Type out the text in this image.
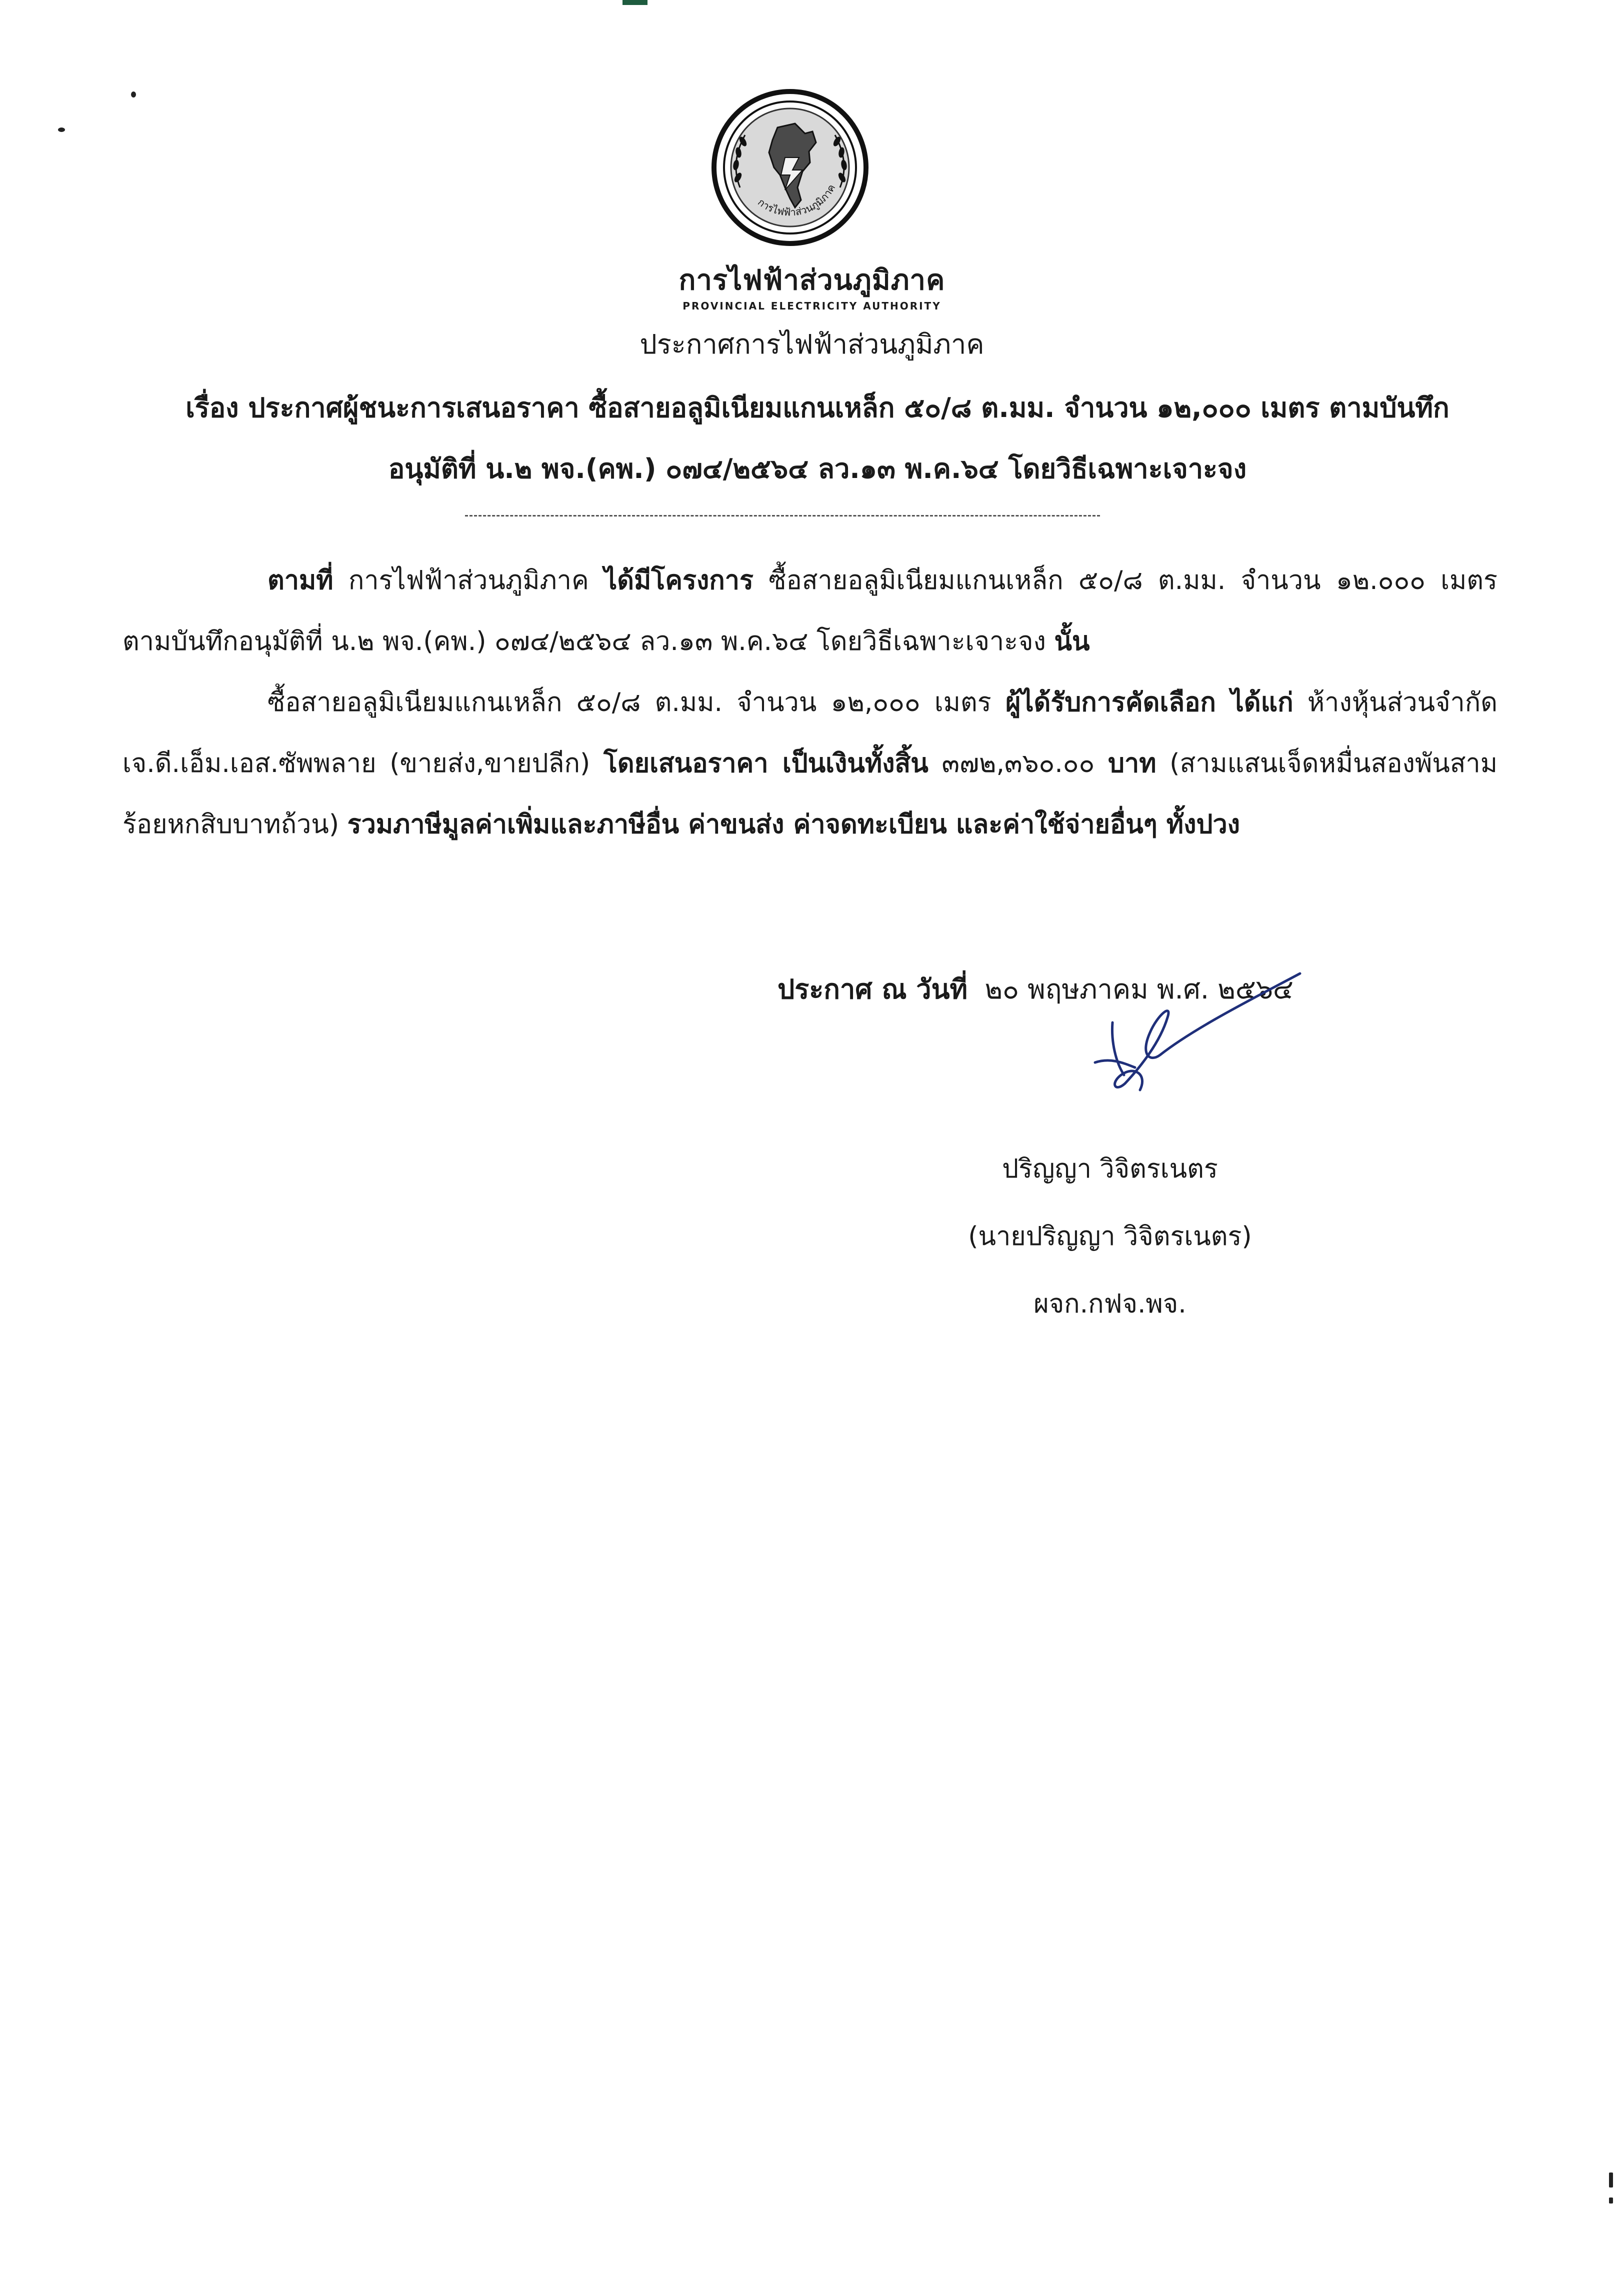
การไฟฟ้าส่วนภูมิภาค
การไฟฟ้าส่วนภูมิภาค
PROVINCIAL ELECTRICITY AUTHORITY
ประกาศการไฟฟ้าส่วนภูมิภาค
เรื่อง ประกาศผู้ชนะการเสนอราคา ซื้อสายอลูมิเนียมแกนเหล็ก ๕๐/๘ ต.มม. จำนวน ๑๒,๐๐๐ เมตร ตามบันทึก
อนุมัติที่ น.๒ พจ.(คพ.) ๐๗๔/๒๕๖๔ ลว.๑๓ พ.ค.๖๔ โดยวิธีเฉพาะเจาะจง

ตามที่ การไฟฟ้าส่วนภูมิภาค ได้มีโครงการ ซื้อสายอลูมิเนียมแกนเหล็ก ๕๐/๘ ต.มม. จำนวน ๑๒.๐๐๐ เมตร ตามบันทึกอนุมัติที่ น.๒ พจ.(คพ.) ๐๗๔/๒๕๖๔ ลว.๑๓ พ.ค.๖๔ โดยวิธีเฉพาะเจาะจง นั้น

ซื้อสายอลูมิเนียมแกนเหล็ก ๕๐/๘ ต.มม. จำนวน ๑๒,๐๐๐ เมตร ผู้ได้รับการคัดเลือก ได้แก่ ห้างหุ้นส่วนจำกัด เจ.ดี.เอ็ม.เอส.ซัพพลาย (ขายส่ง,ขายปลีก) โดยเสนอราคา เป็นเงินทั้งสิ้น ๓๗๒,๓๖๐.๐๐ บาท (สามแสนเจ็ดหมื่นสองพันสามร้อยหกสิบบาทถ้วน) รวมภาษีมูลค่าเพิ่มและภาษีอื่น ค่าขนส่ง ค่าจดทะเบียน และค่าใช้จ่ายอื่นๆ ทั้งปวง

ประกาศ ณ วันที่ ๒๐ พฤษภาคม พ.ศ. ๒๕๖๔
ปริญญา วิจิตรเนตร
(นายปริญญา วิจิตรเนตร)
ผจก.กฟจ.พจ.
